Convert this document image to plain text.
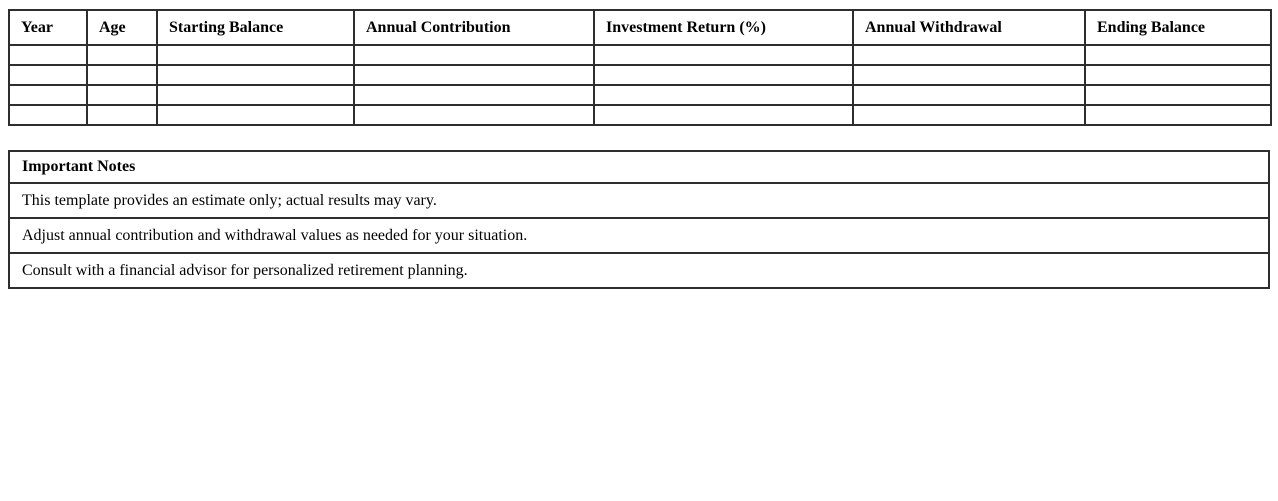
Year	Age	Starting Balance	Annual Contribution	Investment Return (%)	Annual Withdrawal	Ending Balance

Important Notes
This template provides an estimate only; actual results may vary.
Adjust annual contribution and withdrawal values as needed for your situation.
Consult with a financial advisor for personalized retirement planning.
